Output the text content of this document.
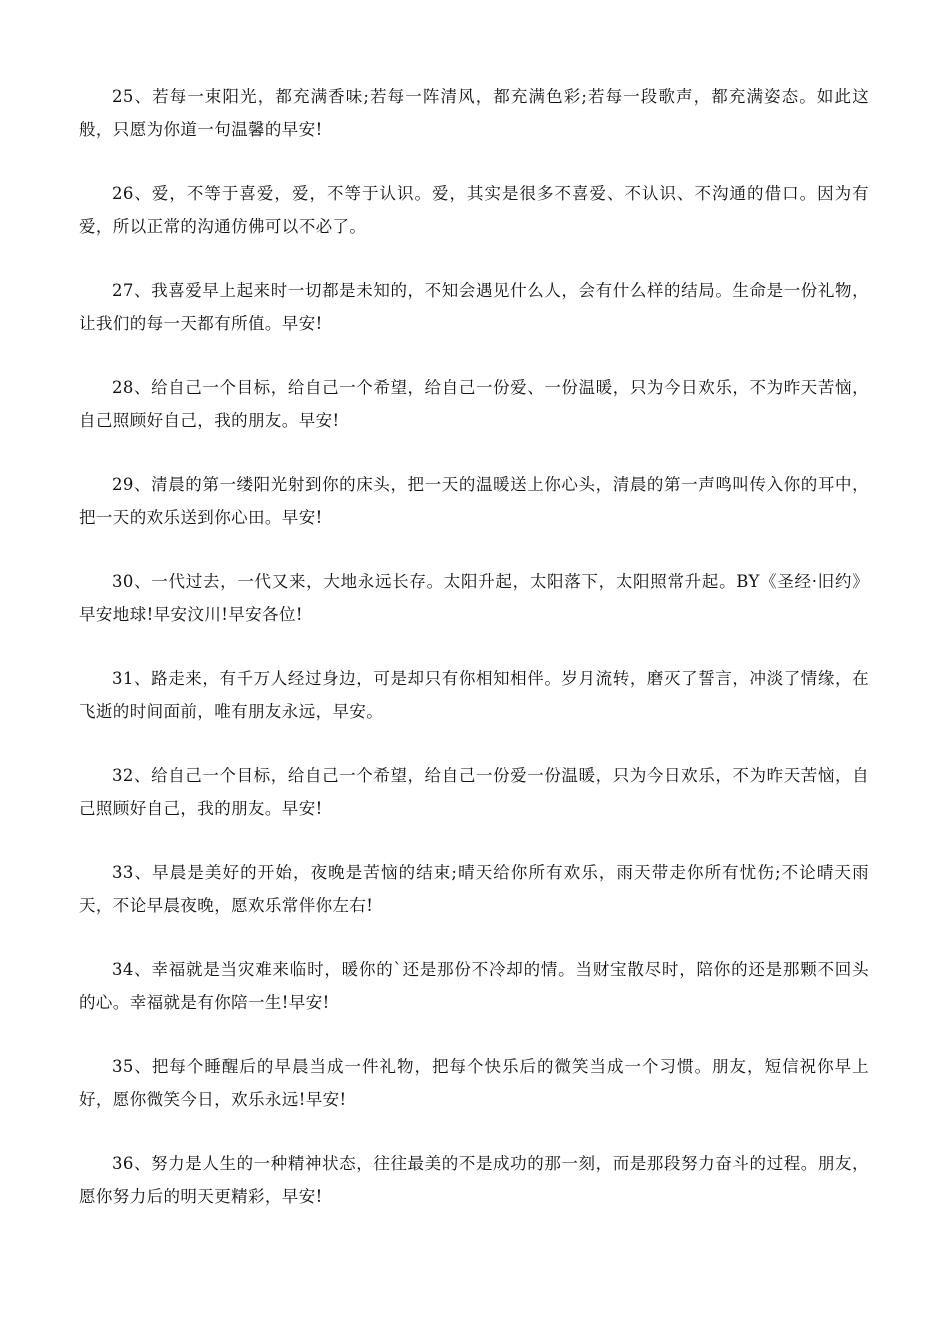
25、若每一束阳光，都充满香味;若每一阵清风，都充满色彩;若每一段歌声，都充满姿态。如此这般，只愿为你道一句温馨的早安!

26、爱，不等于喜爱，爱，不等于认识。爱，其实是很多不喜爱、不认识、不沟通的借口。因为有爱，所以正常的沟通仿佛可以不必了。

27、我喜爱早上起来时一切都是未知的，不知会遇见什么人，会有什么样的结局。生命是一份礼物，让我们的每一天都有所值。早安!

28、给自己一个目标，给自己一个希望，给自己一份爱、一份温暖，只为今日欢乐，不为昨天苦恼，自己照顾好自己，我的朋友。早安!

29、清晨的第一缕阳光射到你的床头，把一天的温暖送上你心头，清晨的第一声鸣叫传入你的耳中，把一天的欢乐送到你心田。早安!

30、一代过去，一代又来，大地永远长存。太阳升起，太阳落下，太阳照常升起。BY《圣经·旧约》早安地球!早安汶川!早安各位!

31、路走来，有千万人经过身边，可是却只有你相知相伴。岁月流转，磨灭了誓言，冲淡了情缘，在飞逝的时间面前，唯有朋友永远，早安。

32、给自己一个目标，给自己一个希望，给自己一份爱一份温暖，只为今日欢乐，不为昨天苦恼，自己照顾好自己，我的朋友。早安!

33、早晨是美好的开始，夜晚是苦恼的结束;晴天给你所有欢乐，雨天带走你所有忧伤;不论晴天雨天，不论早晨夜晚，愿欢乐常伴你左右!

34、幸福就是当灾难来临时，暖你的`还是那份不冷却的情。当财宝散尽时，陪你的还是那颗不回头的心。幸福就是有你陪一生!早安!

35、把每个睡醒后的早晨当成一件礼物，把每个快乐后的微笑当成一个习惯。朋友，短信祝你早上好，愿你微笑今日，欢乐永远!早安!

36、努力是人生的一种精神状态，往往最美的不是成功的那一刻，而是那段努力奋斗的过程。朋友，愿你努力后的明天更精彩，早安!
